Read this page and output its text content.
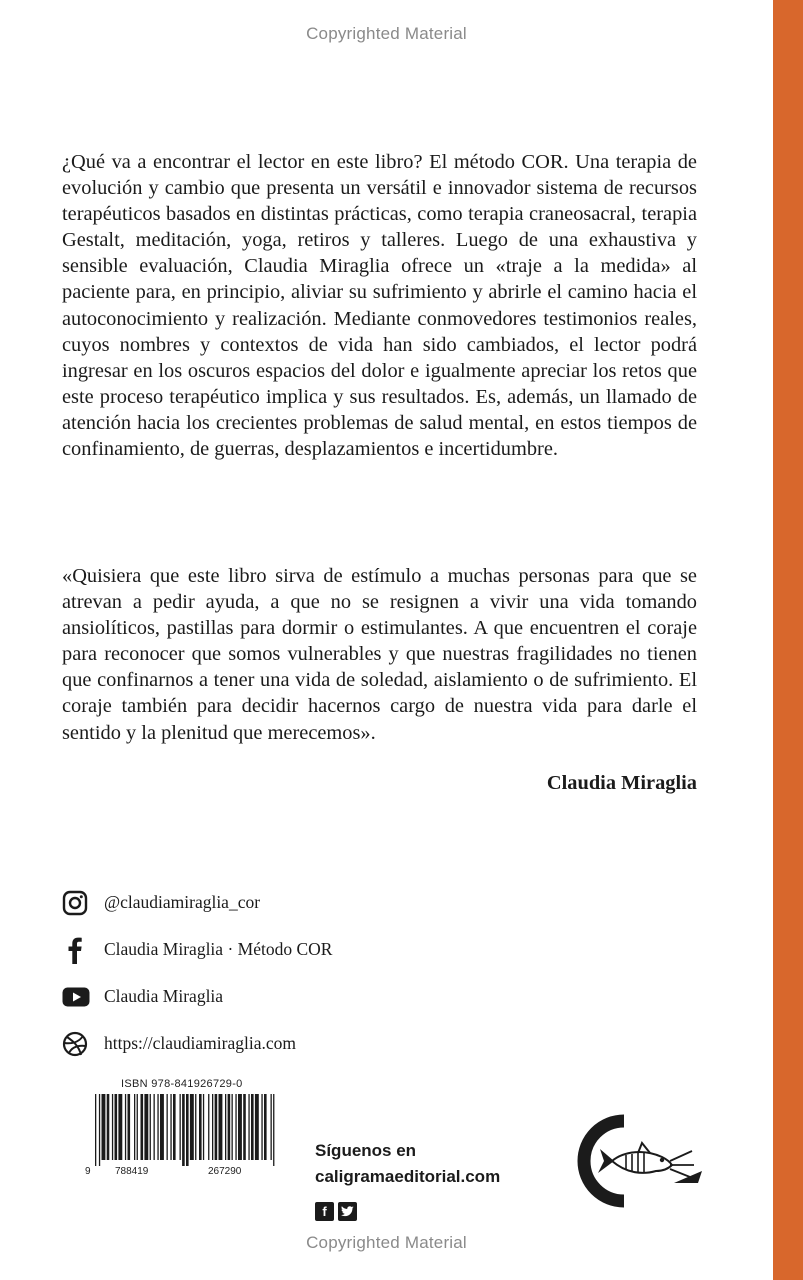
Copyrighted Material
¿Qué va a encontrar el lector en este libro? El método COR. Una terapia de evolución y cambio que presenta un versátil e innovador sistema de recursos terapéuticos basados en distintas prácticas, como terapia craneosacral, terapia Gestalt, meditación, yoga, retiros y talleres. Luego de una exhaustiva y sensible evaluación, Claudia Miraglia ofrece un «traje a la medida» al paciente para, en principio, aliviar su sufrimiento y abrirle el camino hacia el autoconocimiento y realización. Mediante conmovedores testimonios reales, cuyos nombres y contextos de vida han sido cambiados, el lector podrá ingresar en los oscuros espacios del dolor e igualmente apreciar los retos que este proceso terapéutico implica y sus resultados. Es, además, un llamado de atención hacia los crecientes problemas de salud mental, en estos tiempos de confinamiento, de guerras, desplazamientos e incertidumbre.
«Quisiera que este libro sirva de estímulo a muchas personas para que se atrevan a pedir ayuda, a que no se resignen a vivir una vida tomando ansiolíticos, pastillas para dormir o estimulantes. A que encuentren el coraje para reconocer que somos vulnerables y que nuestras fragilidades no tienen que confinarnos a tener una vida de soledad, aislamiento o de sufrimiento. El coraje también para decidir hacernos cargo de nuestra vida para darle el sentido y la plenitud que merecemos».
Claudia Miraglia
@claudiamiraglia_cor
Claudia Miraglia · Método COR
Claudia Miraglia
https://claudiamiraglia.com
ISBN 978-841926729-0
9 788419	267290
Síguenos en
caligramaeditorial.com
f
Copyrighted Material
